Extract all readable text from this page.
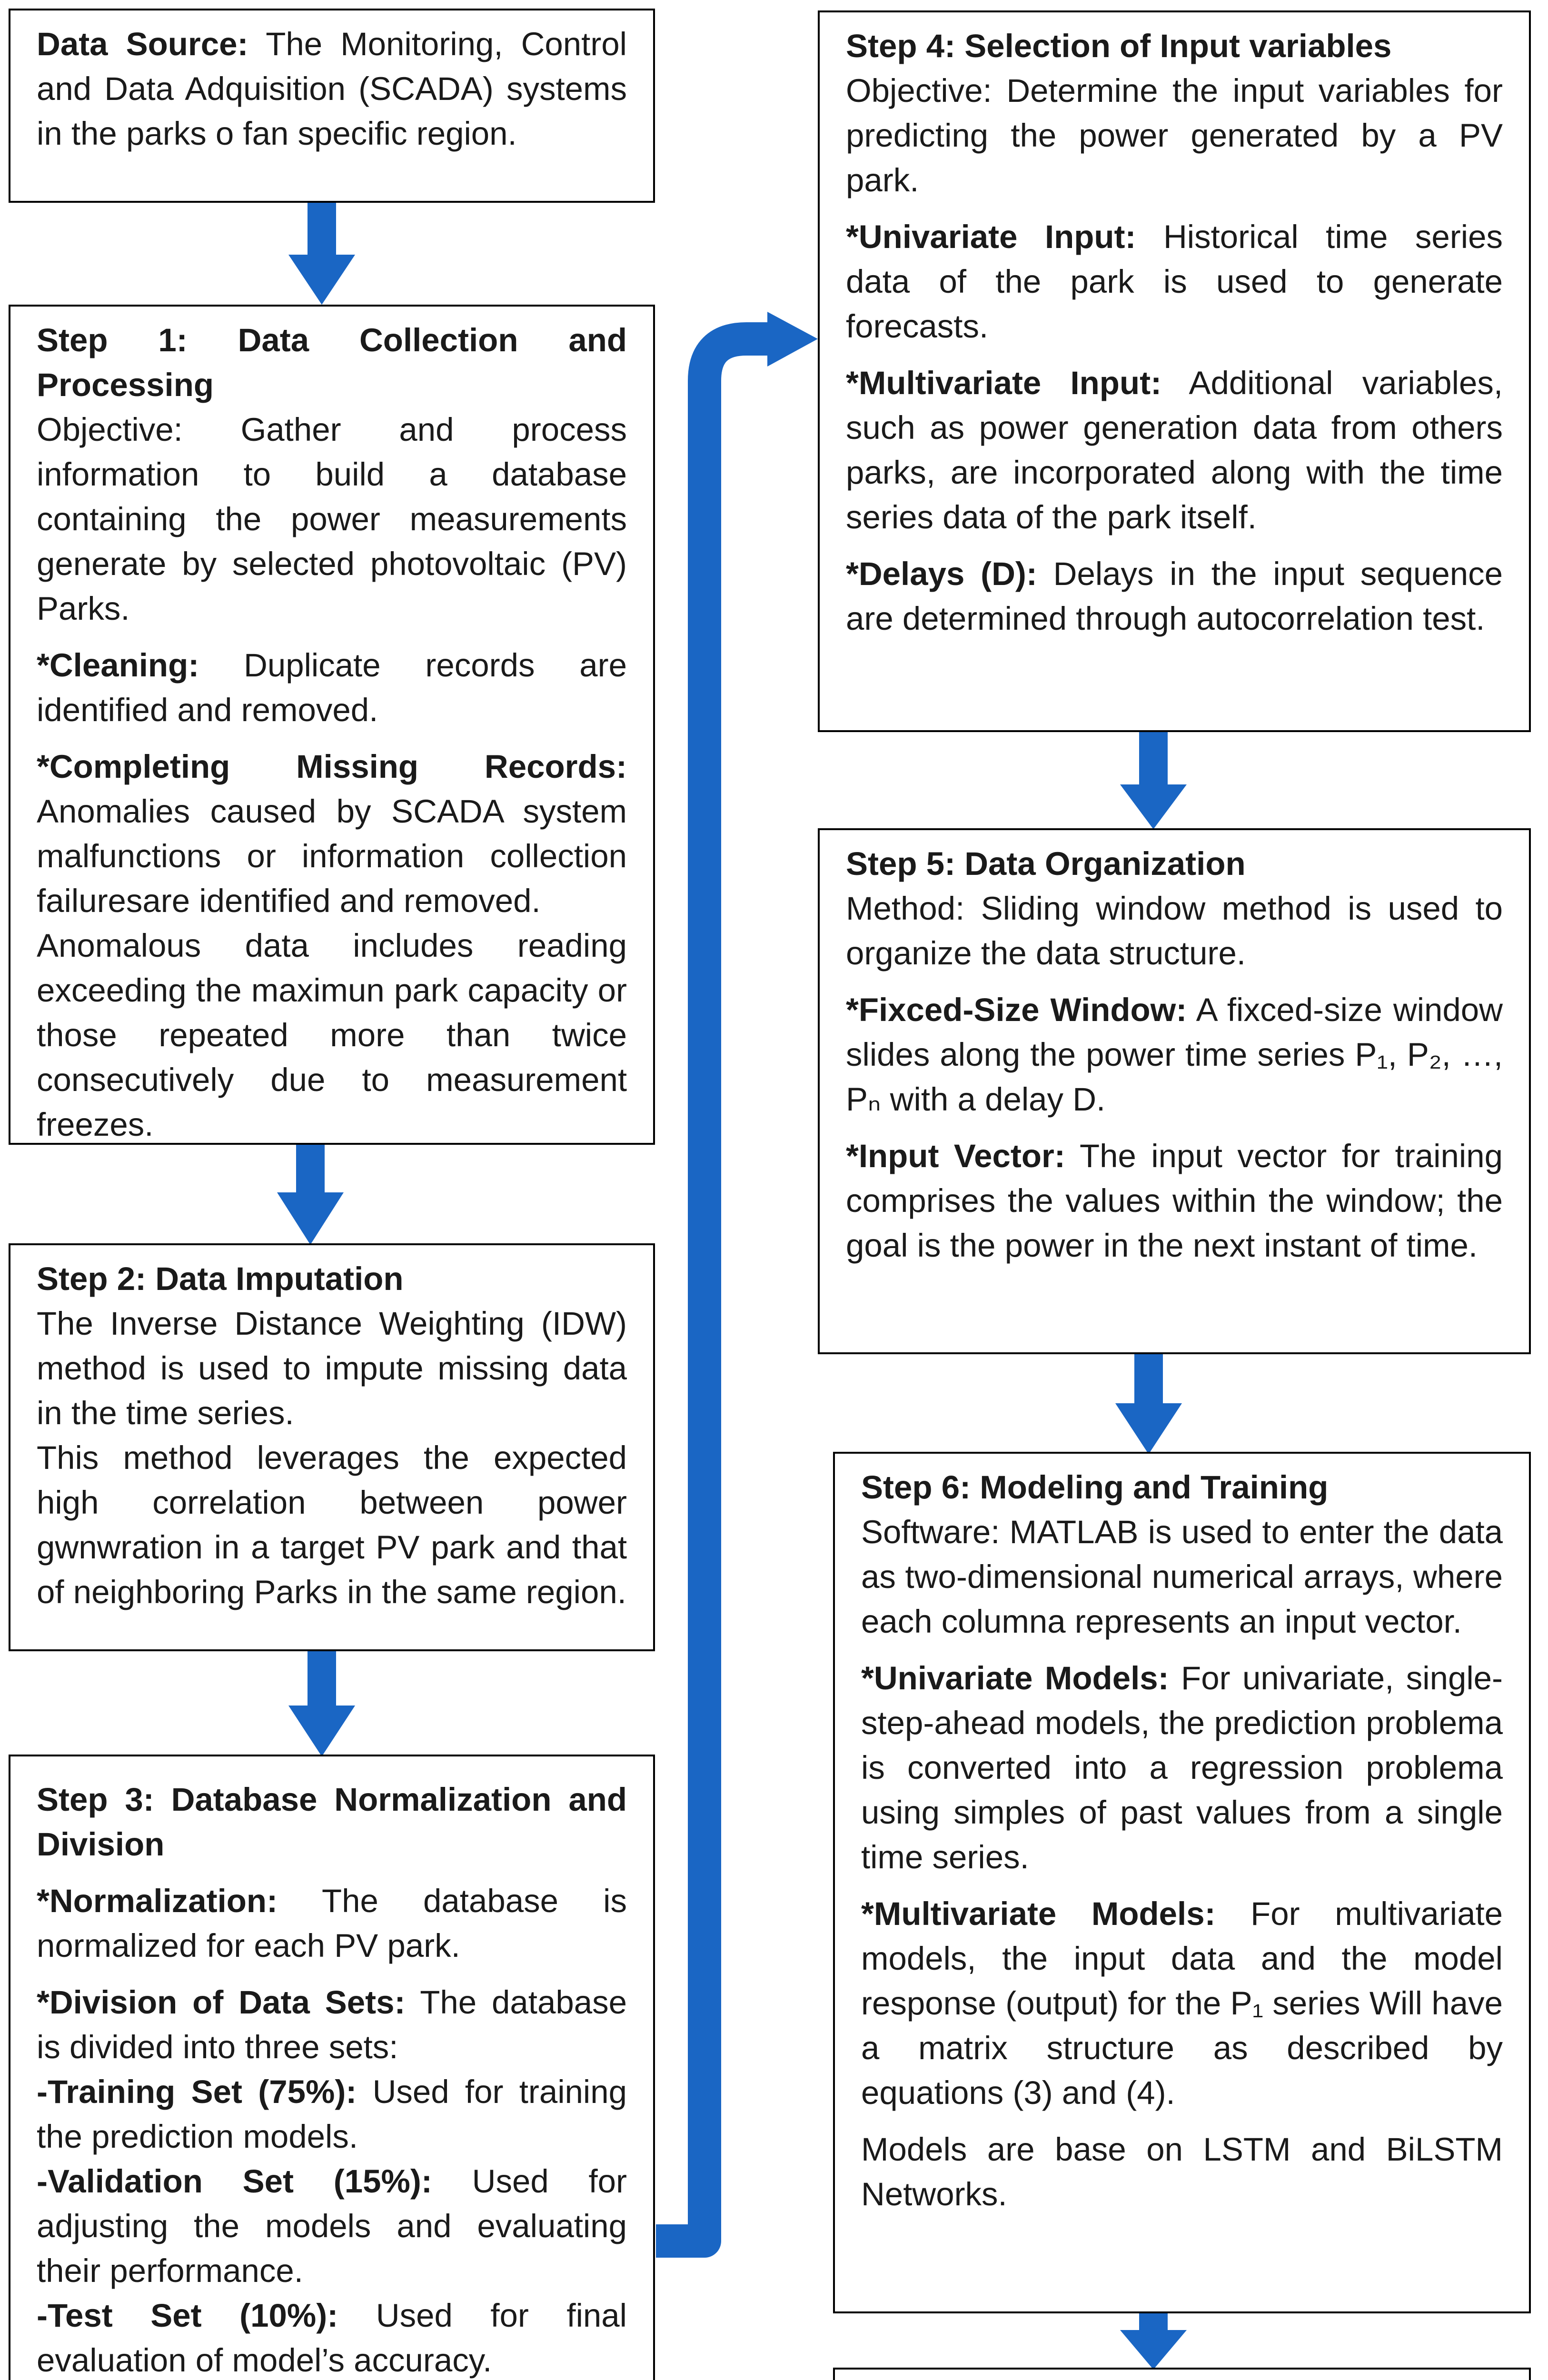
Data Source: The Monitoring, Control and Data Adquisition (SCADA) systems in the parks o fan specific region.

Step 1: Data Collection and Processing

Objective: Gather and process information to build a database containing the power measurements generate by selected photovoltaic (PV) Parks.

*Cleaning: Duplicate records are identified and removed.

*Completing Missing Records: Anomalies caused by SCADA system malfunctions or information collection failuresare identified and removed.

Anomalous data includes reading exceeding the maximun park capacity or those repeated more than twice consecutively due to measurement freezes.

Step 2: Data Imputation

The Inverse Distance Weighting (IDW) method is used to impute missing data in the time series.

This method leverages the expected high correlation between power gwnwration in a target PV park and that of neighboring Parks in the same region.

Step 3: Database Normalization and Division

*Normalization: The database is normalized for each PV park.

*Division of Data Sets: The database is divided into three sets:

-Training Set (75%): Used for training the prediction models.

-Validation Set (15%): Used for adjusting the models and evaluating their performance.

-Test Set (10%): Used for final evaluation of model’s accuracy.

Step 4: Selection of Input variables

Objective: Determine the input variables for predicting the power generated by a PV park.

*Univariate Input: Historical time series data of the park is used to generate forecasts.

*Multivariate Input: Additional variables, such as power generation data from others parks, are incorporated along with the time series data of the park itself.

*Delays (D): Delays in the input sequence are determined through autocorrelation test.

Step 5: Data Organization

Method: Sliding window method is used to organize the data structure.

*Fixced-Size Window: A fixced-size window slides along the power time series P₁, P₂, …, Pₙ with a delay D.

*Input Vector: The input vector for training comprises the values within the window; the goal is the power in the next instant of time.

Step 6: Modeling and Training

Software: MATLAB is used to enter the data as two-dimensional numerical arrays, where each columna represents an input vector.

*Univariate Models: For univariate, single-step-ahead models, the prediction problema is converted into a regression problema using simples of past values from a single time series.

*Multivariate Models: For multivariate models, the input data and the model response (output) for the P₁ series Will have a matrix structure as described by equations (3) and (4).

Models are base on LSTM and BiLSTM Networks.
